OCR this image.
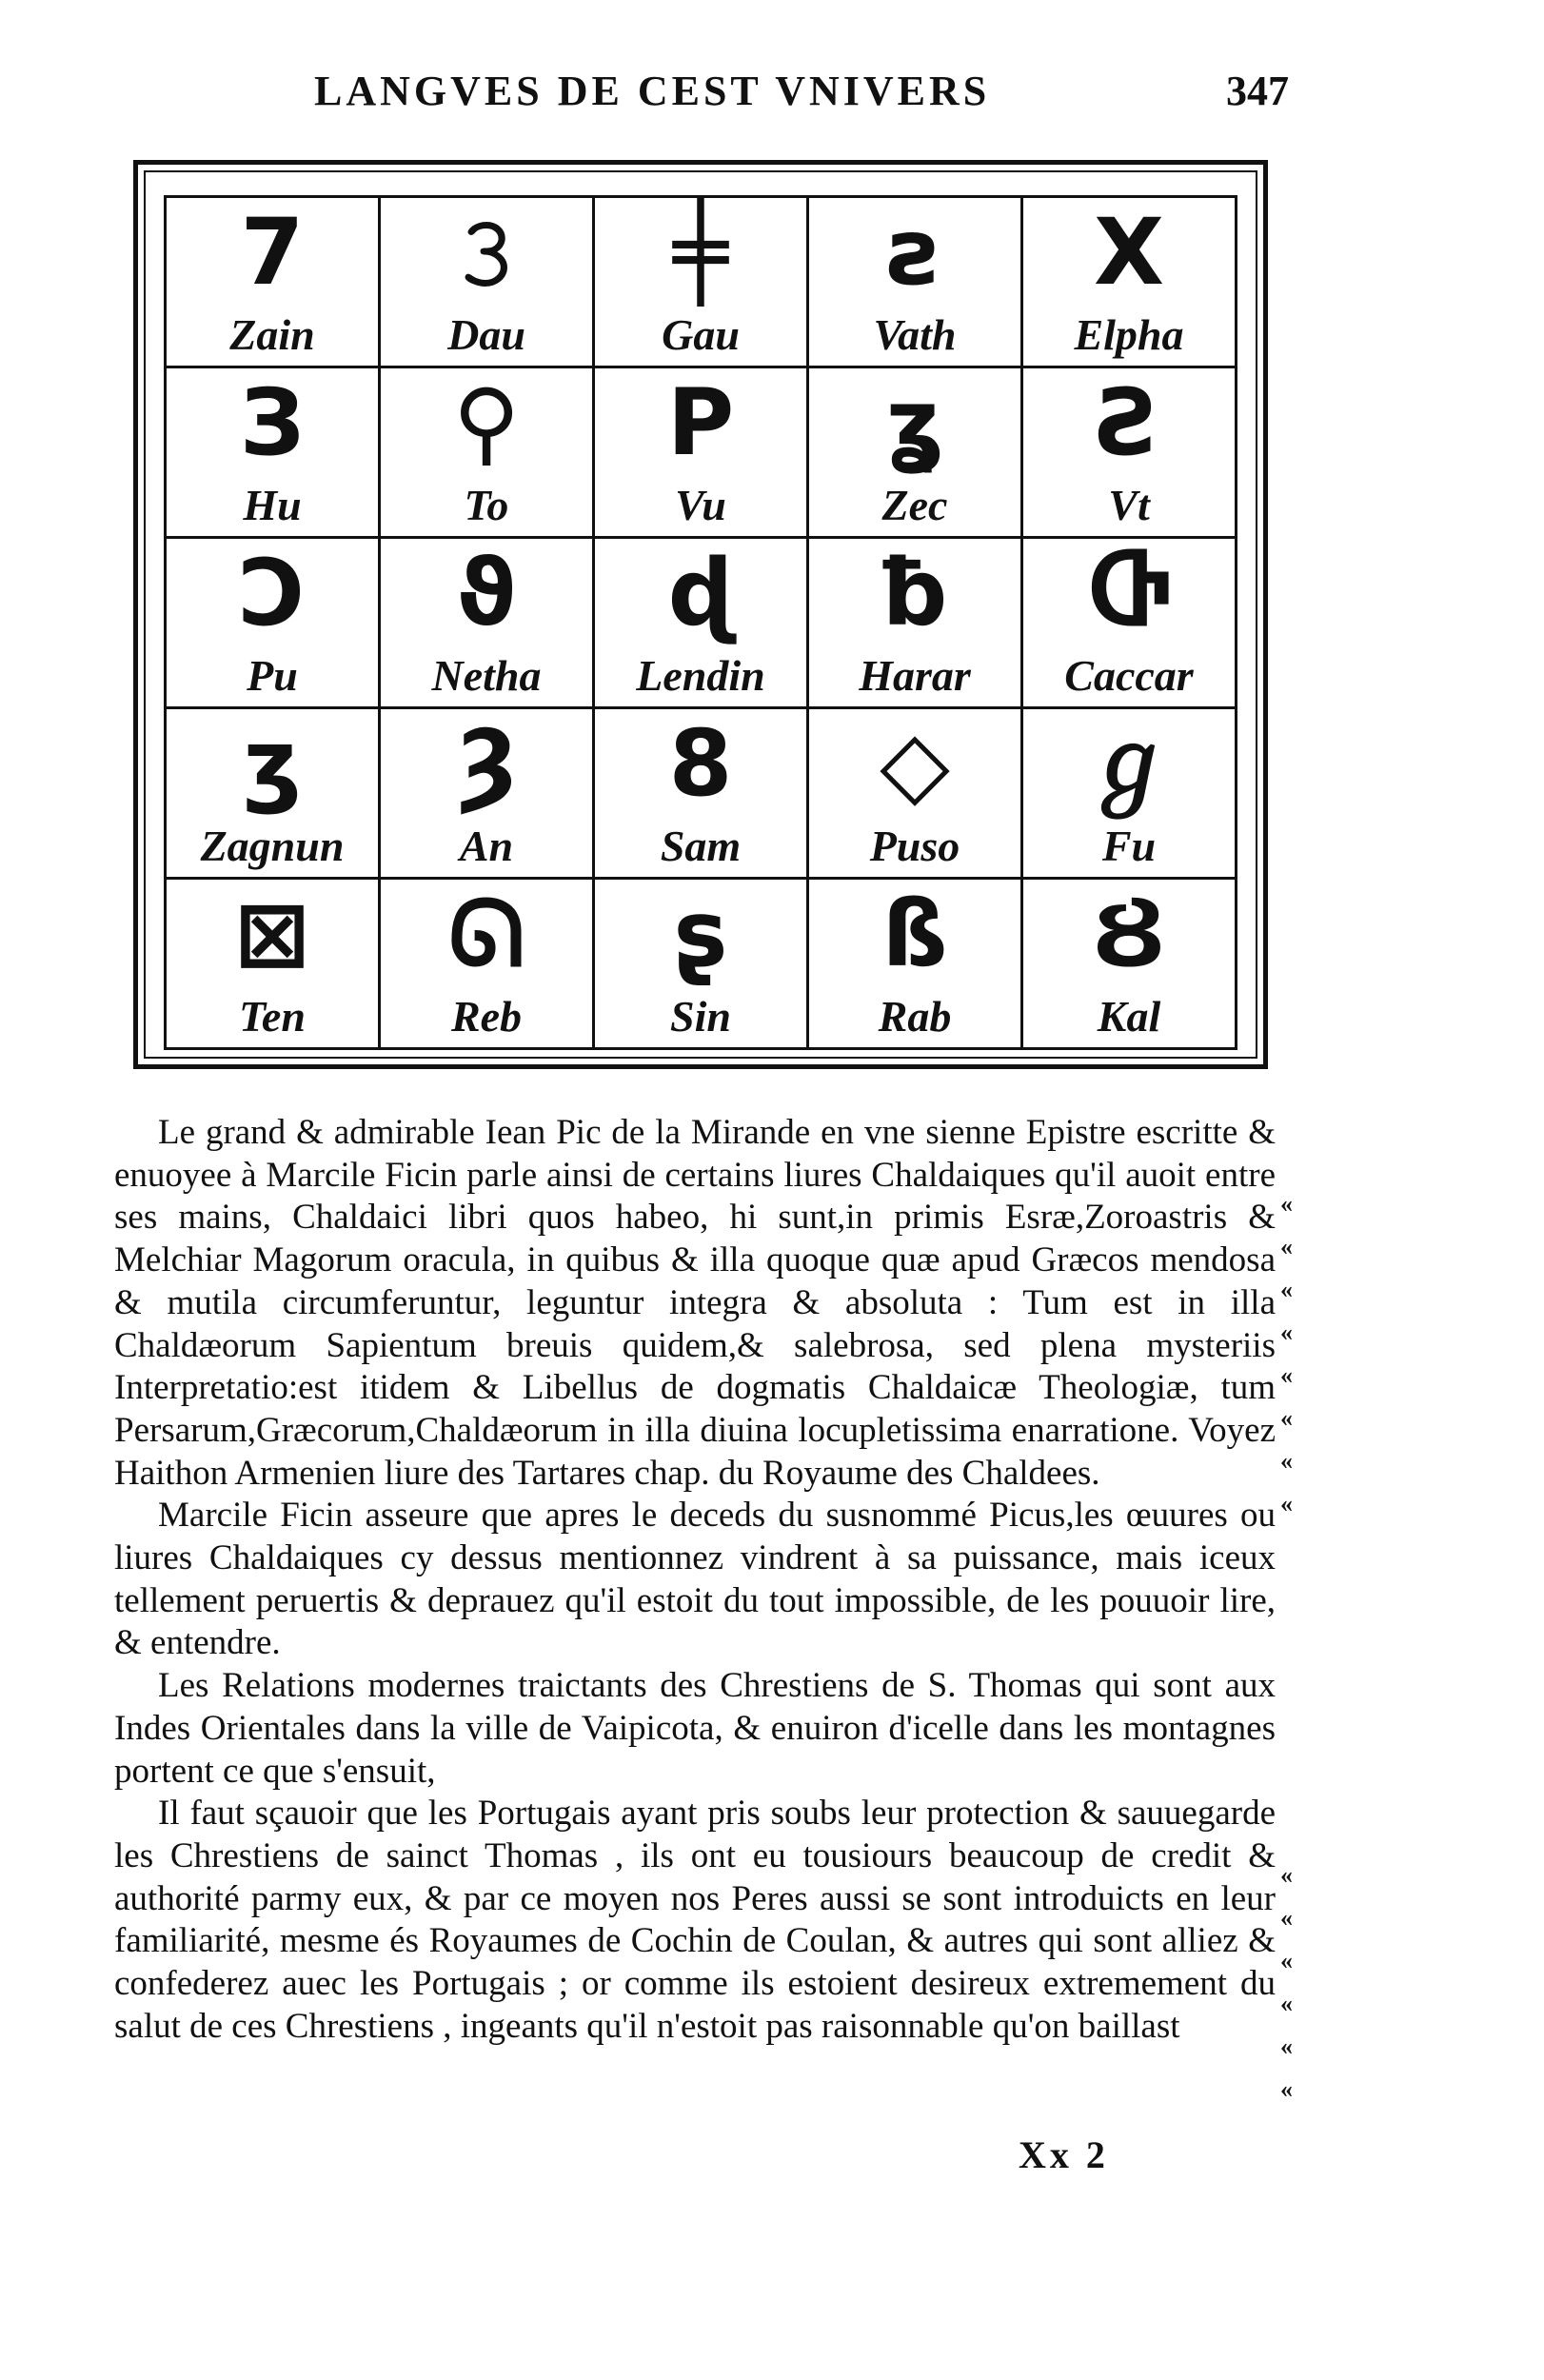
LANGVES DE CEST VNIVERS	347
7
Zain
𝟹
Dau
╪
Gau
ꙅ
Vath
X
Elpha
З
Hu
⚲
To
P
Vu
ʓ
Zec
Ƨ
Vt
Ↄ
Pu
ϑ
Netha
ɖ
Lendin
ƀ
Harar
Ⴇ
Caccar
ʒ
Zagnun
Ȝ
An
8
Sam
◇
Puso
ℊ
Fu
⊠
Ten
ᘏ
Reb
ʂ
Sin
ß
Rab
Ȣ
Kal

Le grand & admirable Iean Pic de la Mirande en vne sienne Epistre escritte & enuoyee à Marcile Ficin parle ainsi de certains liures Chaldaiques qu'il auoit entre ses mains, Chaldaici libri quos habeo, hi sunt,in primis Esræ,Zoroastris & Melchiar Magorum oracula, in quibus & illa quoque quæ apud Græcos mendosa & mutila circumferuntur, leguntur integra & absoluta : Tum est in illa Chaldæorum Sapientum breuis quidem,& salebrosa, sed plena mysteriis Interpretatio:est itidem & Libellus de dogmatis Chaldaicæ Theologiæ, tum Persarum,Græcorum,Chaldæorum in illa diuina locupletissima enarratione. Voyez Haithon Armenien liure des Tartares chap. du Royaume des Chaldees.

Marcile Ficin asseure que apres le deceds du susnommé Picus,les œuures ou liures Chaldaiques cy dessus mentionnez vindrent à sa puissance, mais iceux tellement peruertis & deprauez qu'il estoit du tout impossible, de les pouuoir lire, & entendre.

Les Relations modernes traictants des Chrestiens de S. Thomas qui sont aux Indes Orientales dans la ville de Vaipicota, & enuiron d'icelle dans les montagnes portent ce que s'ensuit,

Il faut sçauoir que les Portugais ayant pris soubs leur protection & sauuegarde les Chrestiens de sainct Thomas , ils ont eu tousiours beaucoup de credit & authorité parmy eux, & par ce moyen nos Peres aussi se sont introduicts en leur familiarité, mesme és Royaumes de Cochin de Coulan, & autres qui sont alliez & confederez auec les Portugais ; or comme ils estoient desireux extremement du salut de ces Chrestiens , ingeants qu'il n'estoit pas raisonnable qu'on baillast

«
«
«
«
«
«
«
«
«
«
«
«
«
«
Xx 2
